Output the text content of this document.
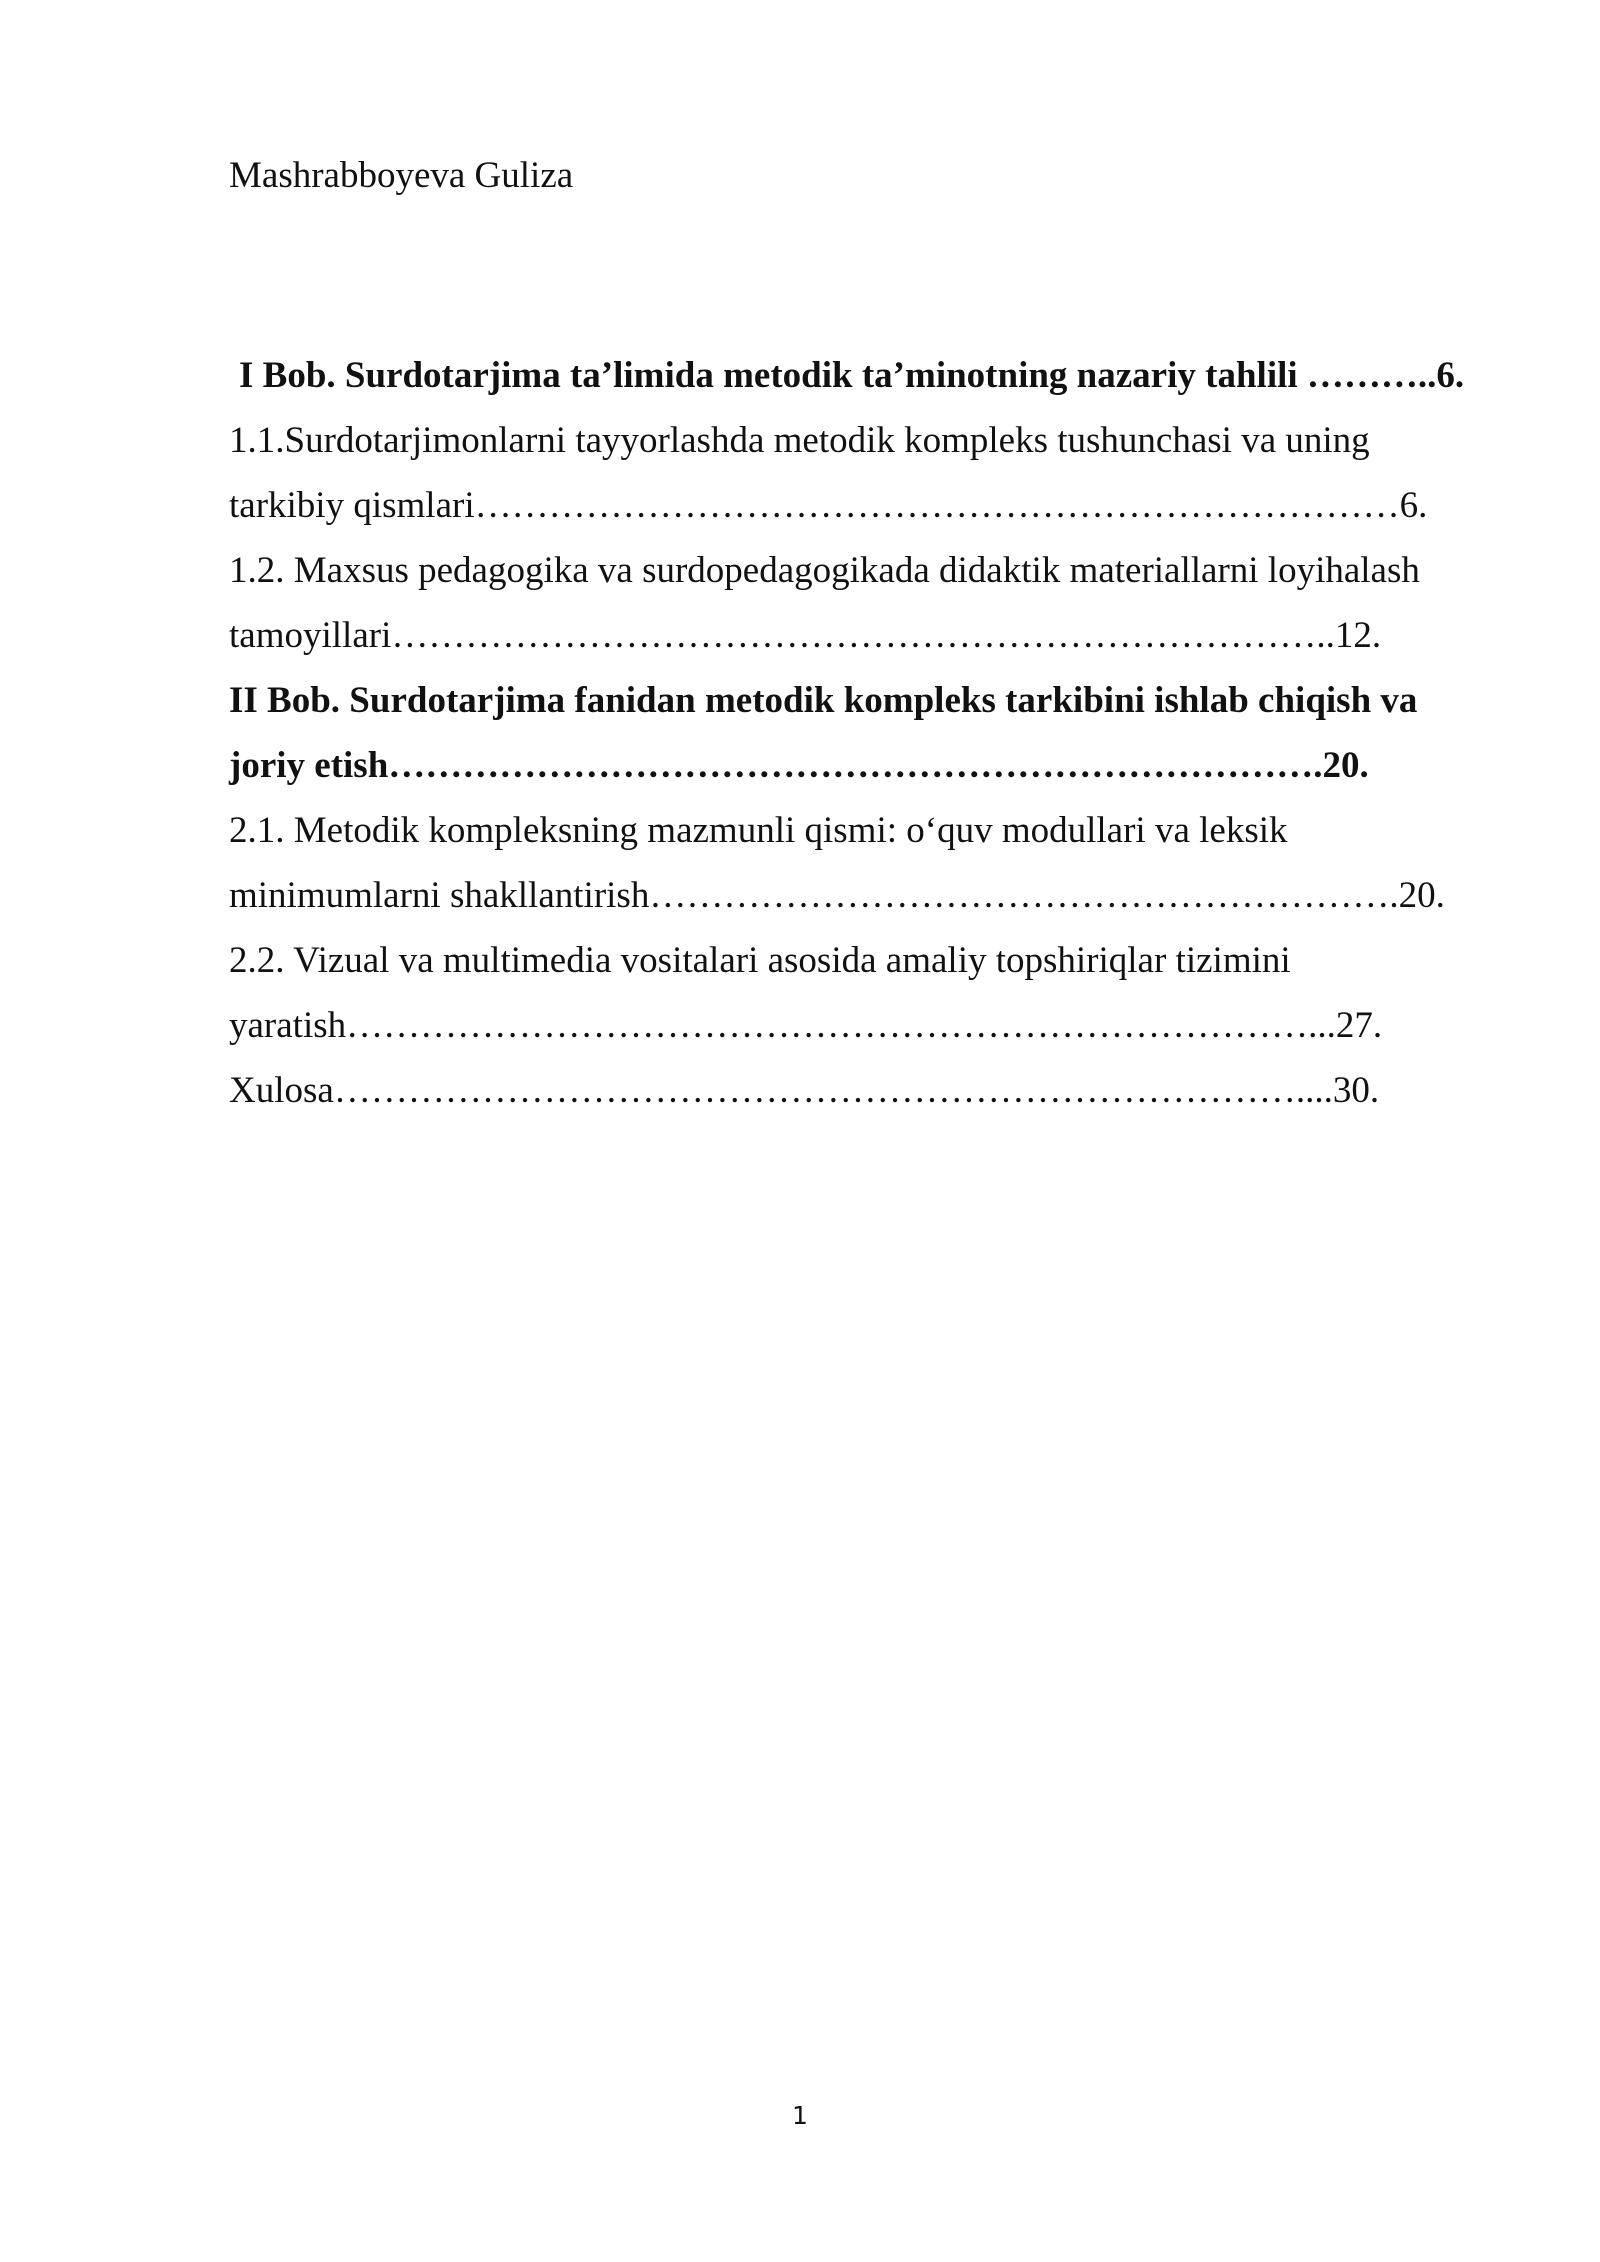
Mashrabboyeva Guliza
I Bob. Surdotarjima ta’limida metodik ta’minotning nazariy tahlili ………..6.
1.1.Surdotarjimonlarni tayyorlashda metodik kompleks tushunchasi va uning
tarkibiy qismlari…………………………………………………………………6.
1.2. Maxsus pedagogika va surdopedagogikada didaktik materiallarni loyihalash
tamoyillari…………………………………………………………………..12.
II Bob. Surdotarjima fanidan metodik kompleks tarkibini ishlab chiqish va
joriy etish………………………………………………………………….20.
2.1. Metodik kompleksning mazmunli qismi: o‘quv modullari va leksik
minimumlarni shakllantirish…………………………………………………….20.
2.2. Vizual va multimedia vositalari asosida amaliy topshiriqlar tizimini
yaratish……………………………………………………………………...27.
Xulosa……………………………………………………………………....30.
1
